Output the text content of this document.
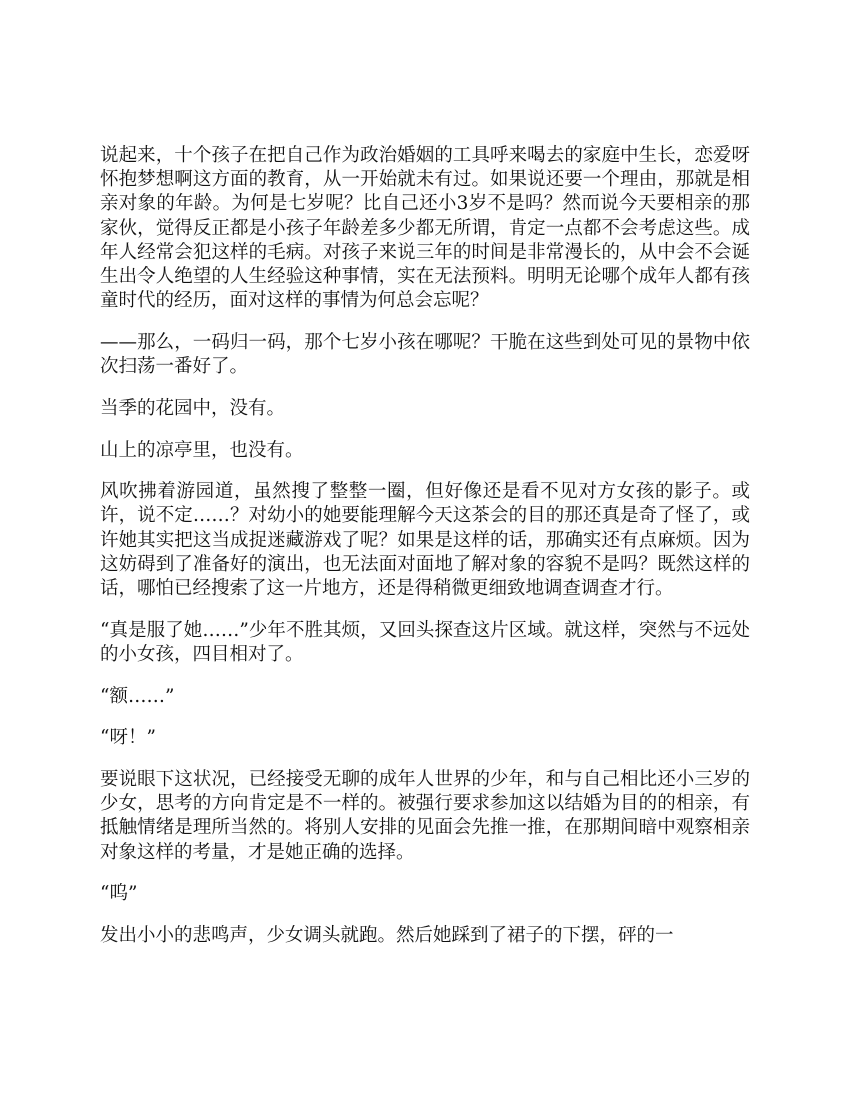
说起来，十个孩子在把自己作为政治婚姻的工具呼来喝去的家庭中生长，恋爱呀怀抱梦想啊这方面的教育，从一开始就未有过。如果说还要一个理由，那就是相亲对象的年龄。为何是七岁呢？比自己还小3岁不是吗？然而说今天要相亲的那家伙，觉得反正都是小孩子年龄差多少都无所谓，肯定一点都不会考虑这些。成年人经常会犯这样的毛病。对孩子来说三年的时间是非常漫长的，从中会不会诞生出令人绝望的人生经验这种事情，实在无法预料。明明无论哪个成年人都有孩童时代的经历，面对这样的事情为何总会忘呢？

——那么，一码归一码，那个七岁小孩在哪呢？干脆在这些到处可见的景物中依次扫荡一番好了。

当季的花园中，没有。

山上的凉亭里，也没有。

风吹拂着游园道，虽然搜了整整一圈，但好像还是看不见对方女孩的影子。或许，说不定……？对幼小的她要能理解今天这茶会的目的那还真是奇了怪了，或许她其实把这当成捉迷藏游戏了呢？如果是这样的话，那确实还有点麻烦。因为这妨碍到了准备好的演出，也无法面对面地了解对象的容貌不是吗？既然这样的话，哪怕已经搜索了这一片地方，还是得稍微更细致地调查调查才行。

“真是服了她……”少年不胜其烦，又回头探查这片区域。就这样，突然与不远处的小女孩，四目相对了。

“额……”

“呀！”

要说眼下这状况，已经接受无聊的成年人世界的少年，和与自己相比还小三岁的少女，思考的方向肯定是不一样的。被强行要求参加这以结婚为目的的相亲，有抵触情绪是理所当然的。将别人安排的见面会先推一推，在那期间暗中观察相亲对象这样的考量，才是她正确的选择。

“呜”

发出小小的悲鸣声，少女调头就跑。然后她踩到了裙子的下摆，砰的一
